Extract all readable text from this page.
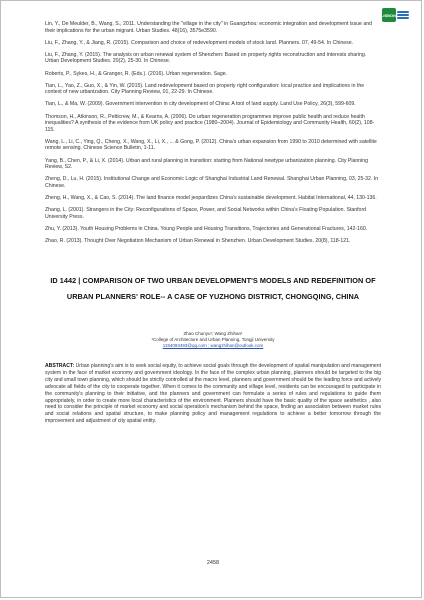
LISBON

Lin, Y., De Meulder, B., Wang, S., 2011. Understanding the "village in the city" in Guangzhou: economic integration and development issue and their implications for the urban migrant. Urban Studies. 48(16), 3575e3590.

Liu, F., Zhang, Y., & Jiang, R. (2015). Comparison and choice of redevelopment models of stock land. Planners. 07, 49-54. In Chinese.

Liu, F., Zhang, Y. (2015). The analysis on urban renewal system of Shenzhen: Based on property rights reconstruction and interests sharing. Urban Development Studies. 20(2), 25-30. In Chinese.

Roberts, P., Sykes, H., & Granger, R. (Eds.). (2016). Urban regeneration. Sage.

Tian, L., Yao, Z., Guo, X., & Yin, W. (2015). Land redevelopment based on property right configuration: local practice and implications in the context of new urbanization. City Planning Review, 01, 22-29. In Chinese.

Tian, L., & Ma, W. (2009). Government intervention in city development of China: A tool of land supply. Land Use Policy, 26(3), 599-609.

Thomson, H., Atkinson, R., Petticrew, M., & Kearns, A. (2006). Do urban regeneration programmes improve public health and reduce health inequalities? A synthesis of the evidence from UK policy and practice (1980–2004). Journal of Epidemiology and Community Health, 60(2), 108-115.

Wang, L., Li, C., Ying, Q., Cheng, X., Wang, X., Li, X., ... & Gong, P. (2012). China's urban expansion from 1990 to 2010 determined with satellite remote sensing. Chinese Science Bulletin, 1-11.

Yang, B., Chen, P., & Li, X. (2014). Urban and rural planning in transition: starting from National newtype urbanization planning. City Planning Review, S2.

Zheng, D., Lu, H. (2015). Institutional Change and Economic Logic of Shanghai Industrial Land Renewal. Shanghai Urban Planning, 03, 25-32. In Chinese.

Zheng, H., Wang, X., & Cao, S. (2014). The land finance model jeopardizes China's sustainable development. Habitat International, 44, 130-136.

Zhang, L. (2001). Strangers in the City: Reconfigurations of Space, Power, and Social Networks within China's Floating Population. Stanford University Press.

Zhu, Y. (2013). Youth Housing Problems in China. Young People and Housing Transitions, Trajectories and Generational Fractures, 142-160.

Zhao, R. (2013). Thought Over Negotiation Mechanism of Urban Renewal in Shenzhen. Urban Development Studies. 20(8), 118-121.

ID 1442 | COMPARISON OF TWO URBAN DEVELOPMENT'S MODELS AND REDEFINITION OF URBAN PLANNERS' ROLE-- A CASE OF YUZHONG DISTRICT, CHONGQING, CHINA
Zhao Chunyu¹; Wang Zhihan¹
¹College of Architecture and Urban Planning, Tongji University
1194093493@qq.com ; wangzhihan@outlook.com
ABSTRACT: Urban planning's aim is to seek social equity, to achieve social goals through the development of spatial manipulation and management system in the face of market economy and government ideology. In the face of the complex urban planning, planners should be targeted to the big city and small town planning, which should be strictly controlled at the macro level, planners and government should be the leading force and actively advocate all fields of the city to cooperate together. When it comes to the community and village level, residents can be encouraged to participate in the community's planning to their initiative, and the planners and government can formulate a series of rules and regulations to guide them appropriately, in order to create more local characteristics of the environment. Planners should have the basic quality of the space aesthetics , also need to consider the principle of market economy and social operation's mechanism behind the space, finding an association between market rules and social relations and spatial structure, to make planning policy and management regulations to achieve a better tomorrow through the improvement and adjustment of city spatial entity.
2458
